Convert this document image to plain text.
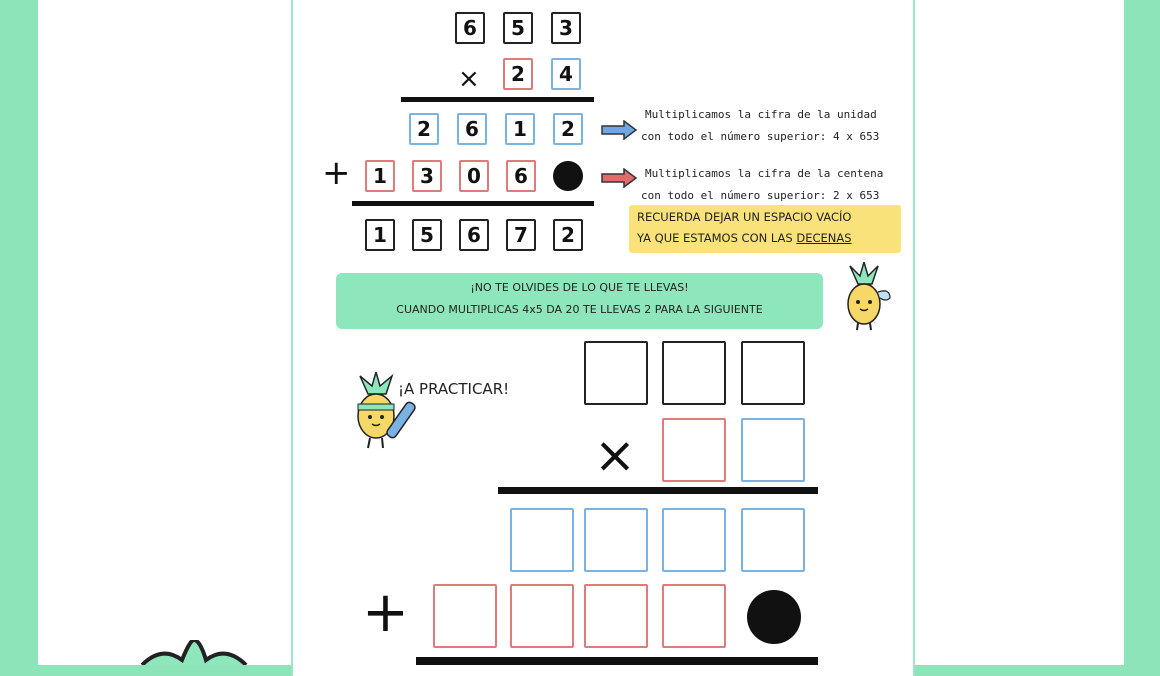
6	5	3
×	2	4
2	6	1	2
+	1	3	0	6
1	5	6	7	2
Multiplicamos la cifra de la unidad
con todo el número superior: 4 x 653
Multiplicamos la cifra de la centena
con todo el número superior: 2 x 653
RECUERDA DEJAR UN ESPACIO VACÍO
YA QUE ESTAMOS CON LAS DECENAS
¡NO TE OLVIDES DE LO QUE TE LLEVAS!
CUANDO MULTIPLICAS 4x5 DA 20 TE LLEVAS 2 PARA LA SIGUIENTE
¡A PRACTICAR!
×
+
